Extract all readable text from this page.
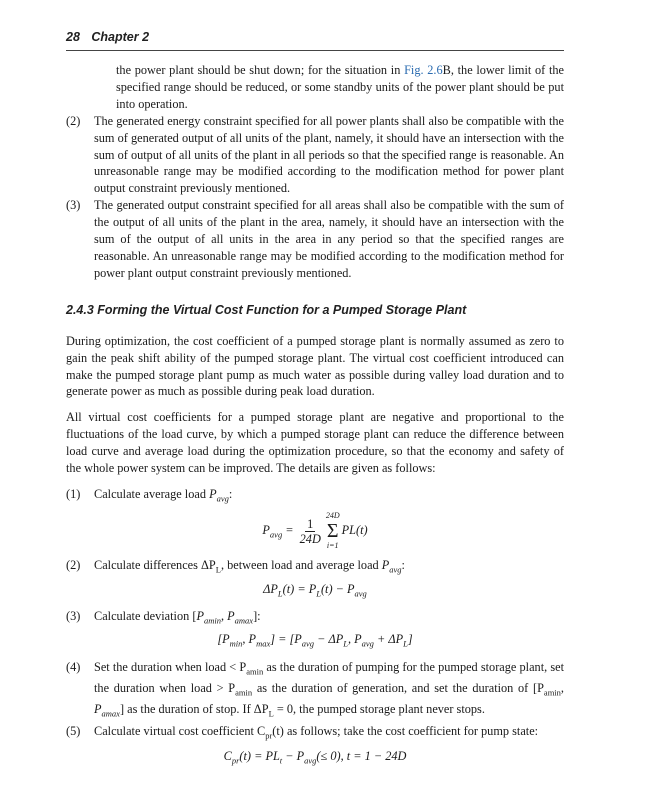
28 Chapter 2

the power plant should be shut down; for the situation in Fig. 2.6B, the lower limit of the specified range should be reduced, or some standby units of the power plant should be put into operation.

(2)	The generated energy constraint specified for all power plants shall also be compatible with the sum of generated output of all units of the plant, namely, it should have an intersection with the sum of output of all units of the plant in all periods so that the specified range is reasonable. An unreasonable range may be modified according to the modification method for power plant output constraint previously mentioned.
(3)	The generated output constraint specified for all areas shall also be compatible with the sum of the output of all units of the plant in the area, namely, it should have an intersection with the sum of the output of all units in the area in any period so that the specified ranges are reasonable. An unreasonable range may be modified according to the modification method for power plant output constraint previously mentioned.
2.4.3 Forming the Virtual Cost Function for a Pumped Storage Plant

During optimization, the cost coefficient of a pumped storage plant is normally assumed as zero to gain the peak shift ability of the pumped storage plant. The virtual cost coefficient introduced can make the pumped storage plant pump as much water as possible during valley load duration and to generate power as much as possible during peak load duration.

All virtual cost coefficients for a pumped storage plant are negative and proportional to the fluctuations of the load curve, by which a pumped storage plant can reduce the difference between load curve and average load during the optimization procedure, so that the economy and safety of the whole power system can be improved. The details are given as follows:

(1)	Calculate average load $P_{avg}$:
$P_{avg} = \frac{1}{24D}$
24D
Σ
i=1
PL(t)
(2)	Calculate differences $\Delta P_L$, between load and average load $P_{avg}$:
$\Delta P_L(t) = P_L(t) - P_{avg}$
(3)	Calculate deviation [$P_{amin}$, $P_{amax}$]:
[$P_{min}$, $P_{max}] = [P_{avg} - \Delta P_L$, $P_{avg} + \Delta P_L$]
(4)	Set the duration when load < $P_{amin}$ as the duration of pumping for the pumped storage plant, set the duration when load > $P_{amin}$ as the duration of generation, and set the duration of [$P_{amin}$, $P_{amax}$] as the duration of stop. If $\Delta P_L = 0$, the pumped storage plant never stops.
(5)	Calculate virtual cost coefficient $C_{pr}(t)$ as follows; take the cost coefficient for pump state:
$C_{pr}(t) = PL_t - P_{avg}(\le 0)$, t = 1 − 24D
